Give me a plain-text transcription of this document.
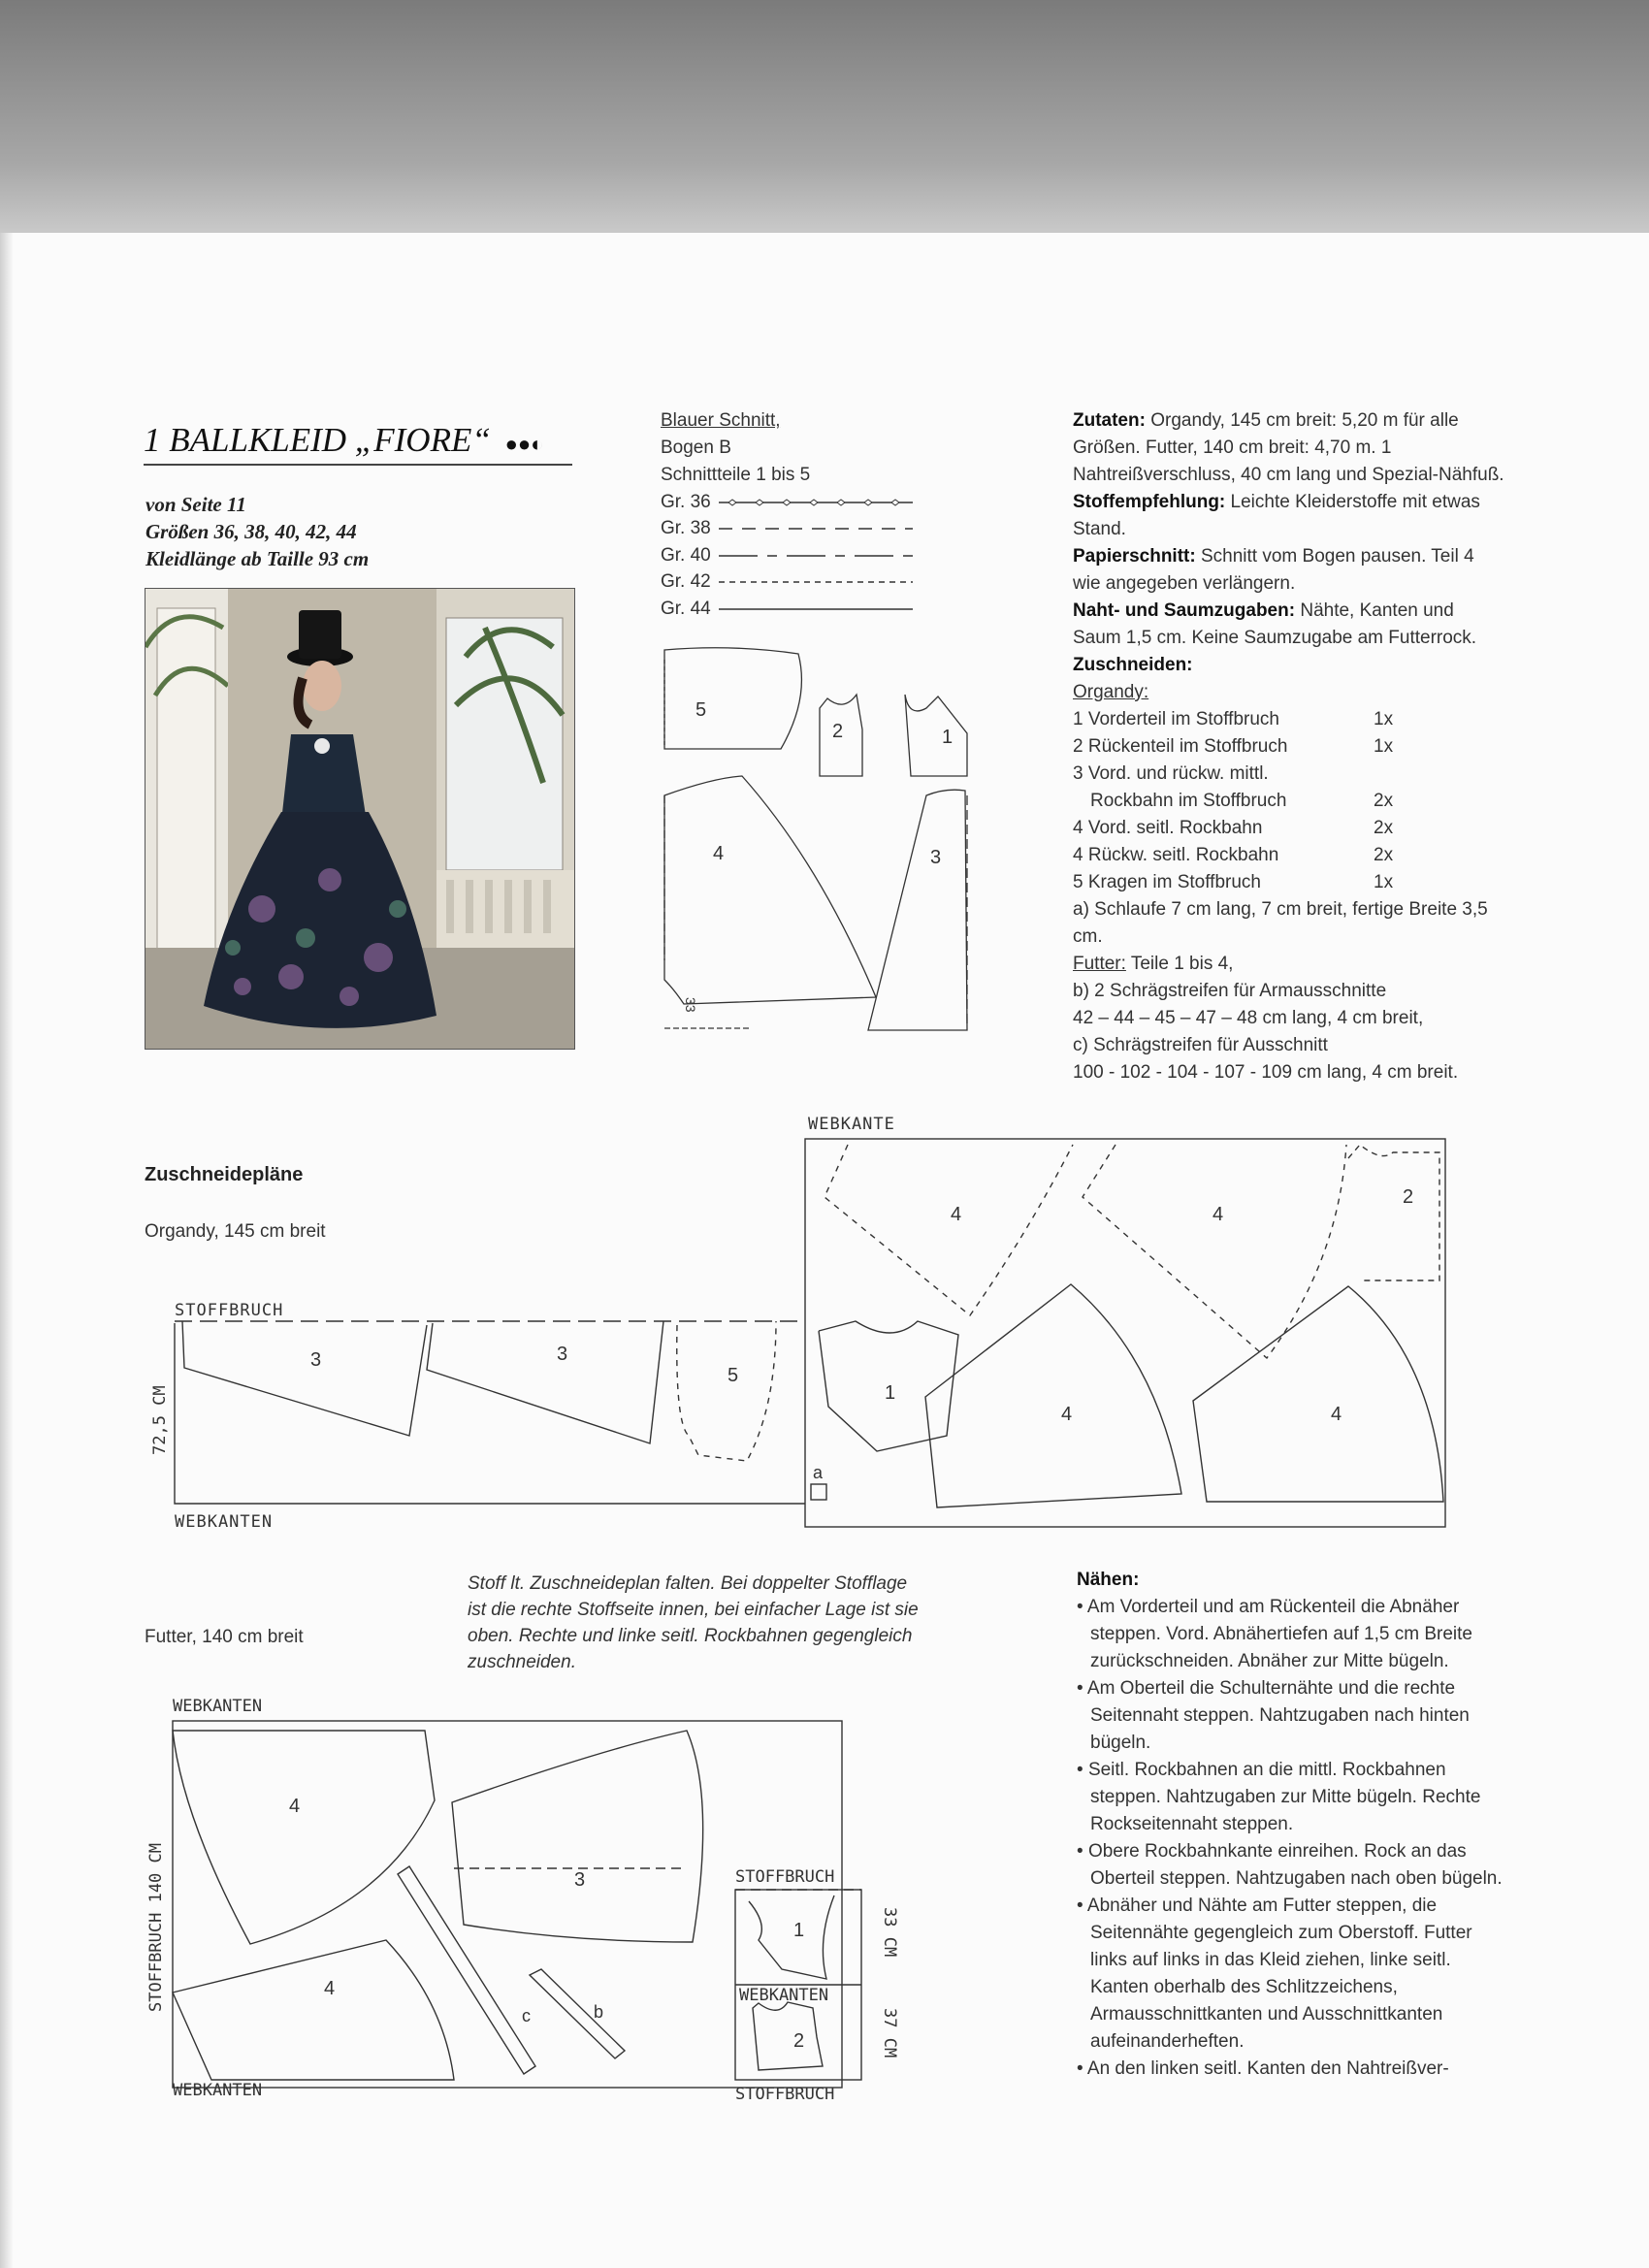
1 BALLKLEID „FIORE“ ●●◐
von Seite 11
Größen 36, 38, 40, 42, 44
Kleidlänge ab Taille 93 cm
Blauer Schnitt,
Bogen B
Schnittteile 1 bis 5
Gr. 36
Gr. 38
Gr. 40
Gr. 42
Gr. 44
5
2	1
4	3
33
Zutaten: Organdy, 145 cm breit: 5,20 m für alle Größen. Futter, 140 cm breit: 4,70 m. 1 Nahtreißverschluss, 40 cm lang und Spezial-Nähfuß.
Stoffempfehlung: Leichte Kleiderstoffe mit etwas Stand.
Papierschnitt: Schnitt vom Bogen pausen. Teil 4 wie angegeben verlängern.
Naht- und Saumzugaben: Nähte, Kanten und Saum 1,5 cm. Keine Saumzugabe am Futterrock.
Zuschneiden:
Organdy:
1 Vorderteil im Stoffbruch	1x
2 Rückenteil im Stoffbruch	1x
3 Vord. und rückw. mittl.
Rockbahn im Stoffbruch	2x
4 Vord. seitl. Rockbahn	2x
4 Rückw. seitl. Rockbahn	2x
5 Kragen im Stoffbruch	1x
a) Schlaufe 7 cm lang, 7 cm breit, fertige Breite 3,5 cm.
Futter: Teile 1 bis 4,
b) 2 Schrägstreifen für Armausschnitte
42 – 44 – 45 – 47 – 48 cm lang, 4 cm breit,
c) Schrägstreifen für Ausschnitt
100 - 102 - 104 - 107 - 109 cm lang, 4 cm breit.
Zuschneidepläne
Organdy, 145 cm breit
WEBKANTE
STOFFBRUCH
WEBKANTEN
72,5 CM
3	3
5
4	4
2
1
4	4
a
Stoff lt. Zuschneideplan falten. Bei doppelter Stofflage ist die rechte Stoffseite innen, bei einfacher Lage ist sie oben. Rechte und linke seitl. Rockbahnen gegengleich zuschneiden.
Futter, 140 cm breit
WEBKANTEN
WEBKANTEN
STOFFBRUCH 140 CM
4
3
4
c	b
STOFFBRUCH
WEBKANTEN
STOFFBRUCH
1
2
33 CM
37 CM
Nähen:
• Am Vorderteil und am Rückenteil die Abnäher steppen. Vord. Abnähertiefen auf 1,5 cm Breite zurückschneiden. Abnäher zur Mitte bügeln.
• Am Oberteil die Schulternähte und die rechte Seitennaht steppen. Nahtzugaben nach hinten bügeln.
• Seitl. Rockbahnen an die mittl. Rockbahnen steppen. Nahtzugaben zur Mitte bügeln. Rechte Rockseitennaht steppen.
• Obere Rockbahnkante einreihen. Rock an das Oberteil steppen. Nahtzugaben nach oben bügeln.
• Abnäher und Nähte am Futter steppen, die Seitennähte gegengleich zum Oberstoff. Futter links auf links in das Kleid ziehen, linke seitl. Kanten oberhalb des Schlitzzeichens, Armausschnittkanten und Ausschnittkanten aufeinanderheften.
• An den linken seitl. Kanten den Nahtreißver-
